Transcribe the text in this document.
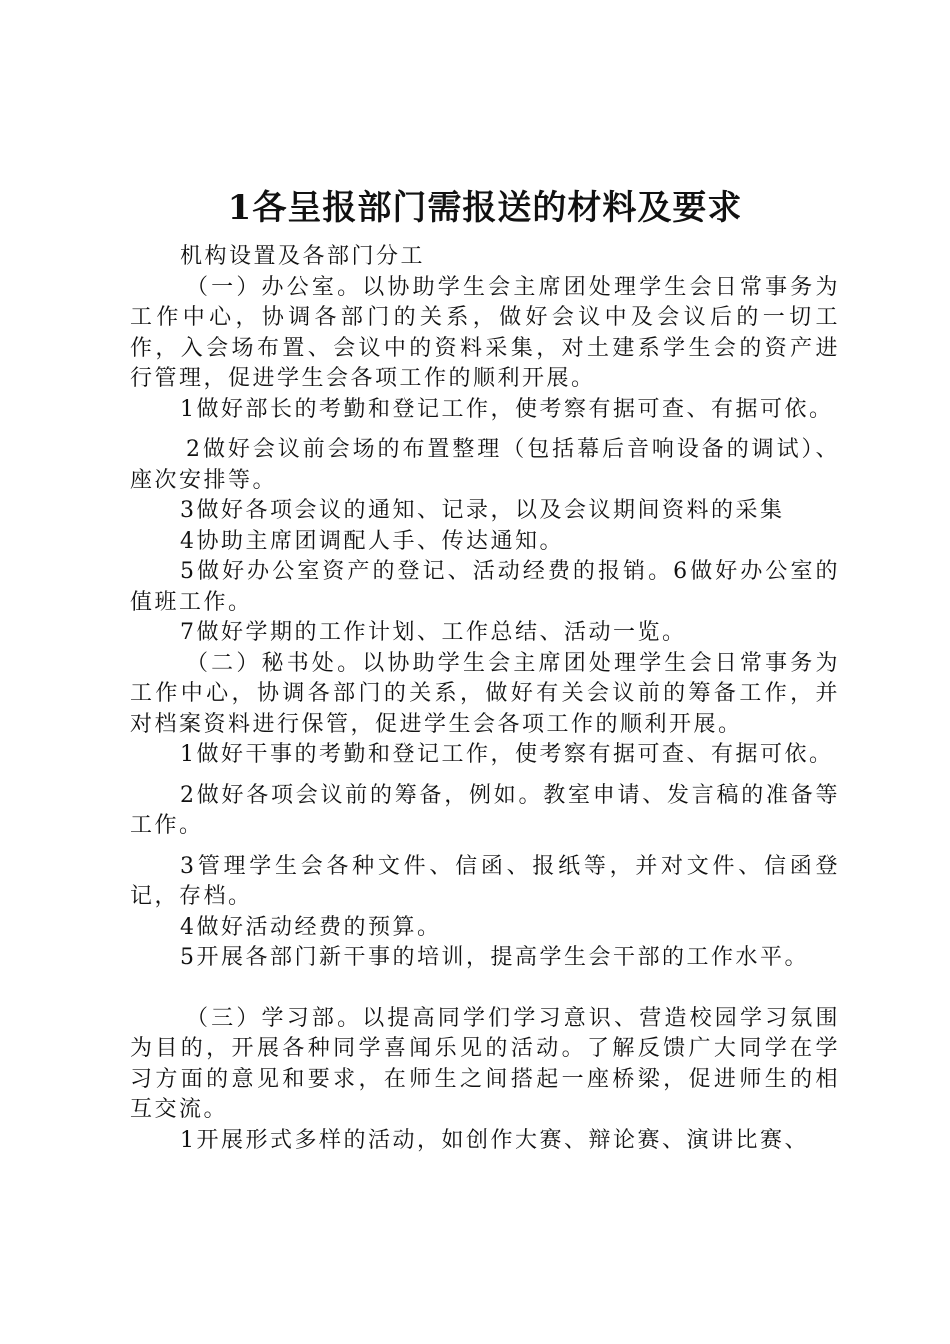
1各呈报部门需报送的材料及要求

机构设置及各部门分工

（一）办公室。以协助学生会主席团处理学生会日常事务为工作中心，协调各部门的关系，做好会议中及会议后的一切工作，入会场布置、会议中的资料采集，对土建系学生会的资产进行管理，促进学生会各项工作的顺利开展。

1做好部长的考勤和登记工作，使考察有据可查、有据可依。

2做好会议前会场的布置整理（包括幕后音响设备的调试）、座次安排等。

3做好各项会议的通知、记录，以及会议期间资料的采集

4协助主席团调配人手、传达通知。

5做好办公室资产的登记、活动经费的报销。6做好办公室的值班工作。

7做好学期的工作计划、工作总结、活动一览。

（二）秘书处。以协助学生会主席团处理学生会日常事务为工作中心，协调各部门的关系，做好有关会议前的筹备工作，并对档案资料进行保管，促进学生会各项工作的顺利开展。

1做好干事的考勤和登记工作，使考察有据可查、有据可依。

2做好各项会议前的筹备，例如。教室申请、发言稿的准备等工作。

3管理学生会各种文件、信函、报纸等，并对文件、信函登记，存档。

4做好活动经费的预算。

5开展各部门新干事的培训，提高学生会干部的工作水平。

（三）学习部。以提高同学们学习意识、营造校园学习氛围为目的，开展各种同学喜闻乐见的活动。了解反馈广大同学在学习方面的意见和要求，在师生之间搭起一座桥梁，促进师生的相互交流。

1开展形式多样的活动，如创作大赛、辩论赛、演讲比赛、
